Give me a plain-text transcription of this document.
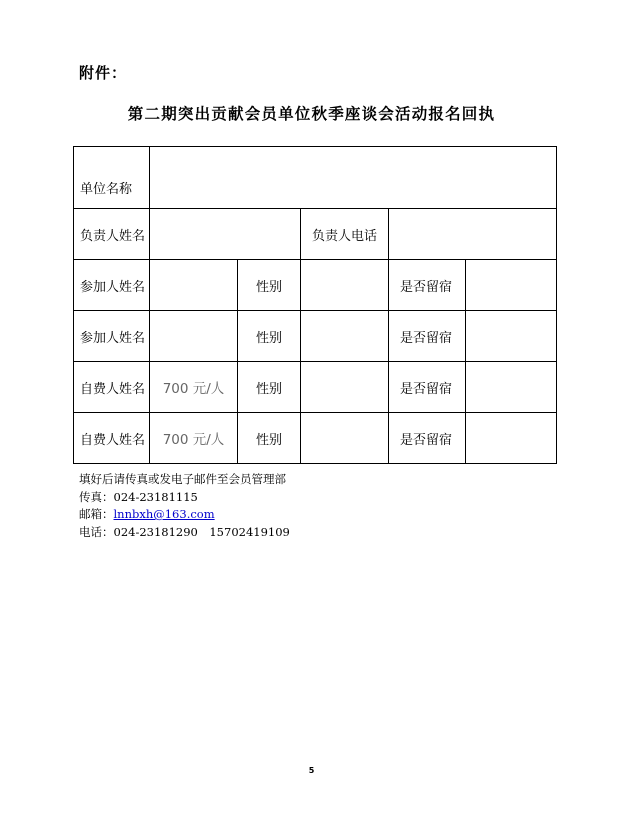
附件：
第二期突出贡献会员单位秋季座谈会活动报名回执
单位名称					
负责人姓名			负责人电话		
参加人姓名		性别		是否留宿	
参加人姓名		性别		是否留宿	
自费人姓名	700 元/人	性别		是否留宿	
自费人姓名	700 元/人	性别		是否留宿	
填好后请传真或发电子邮件至会员管理部
传真：024-23181115
邮箱：lnnbxh@163.com
电话：024-23181290　15702419109
5
